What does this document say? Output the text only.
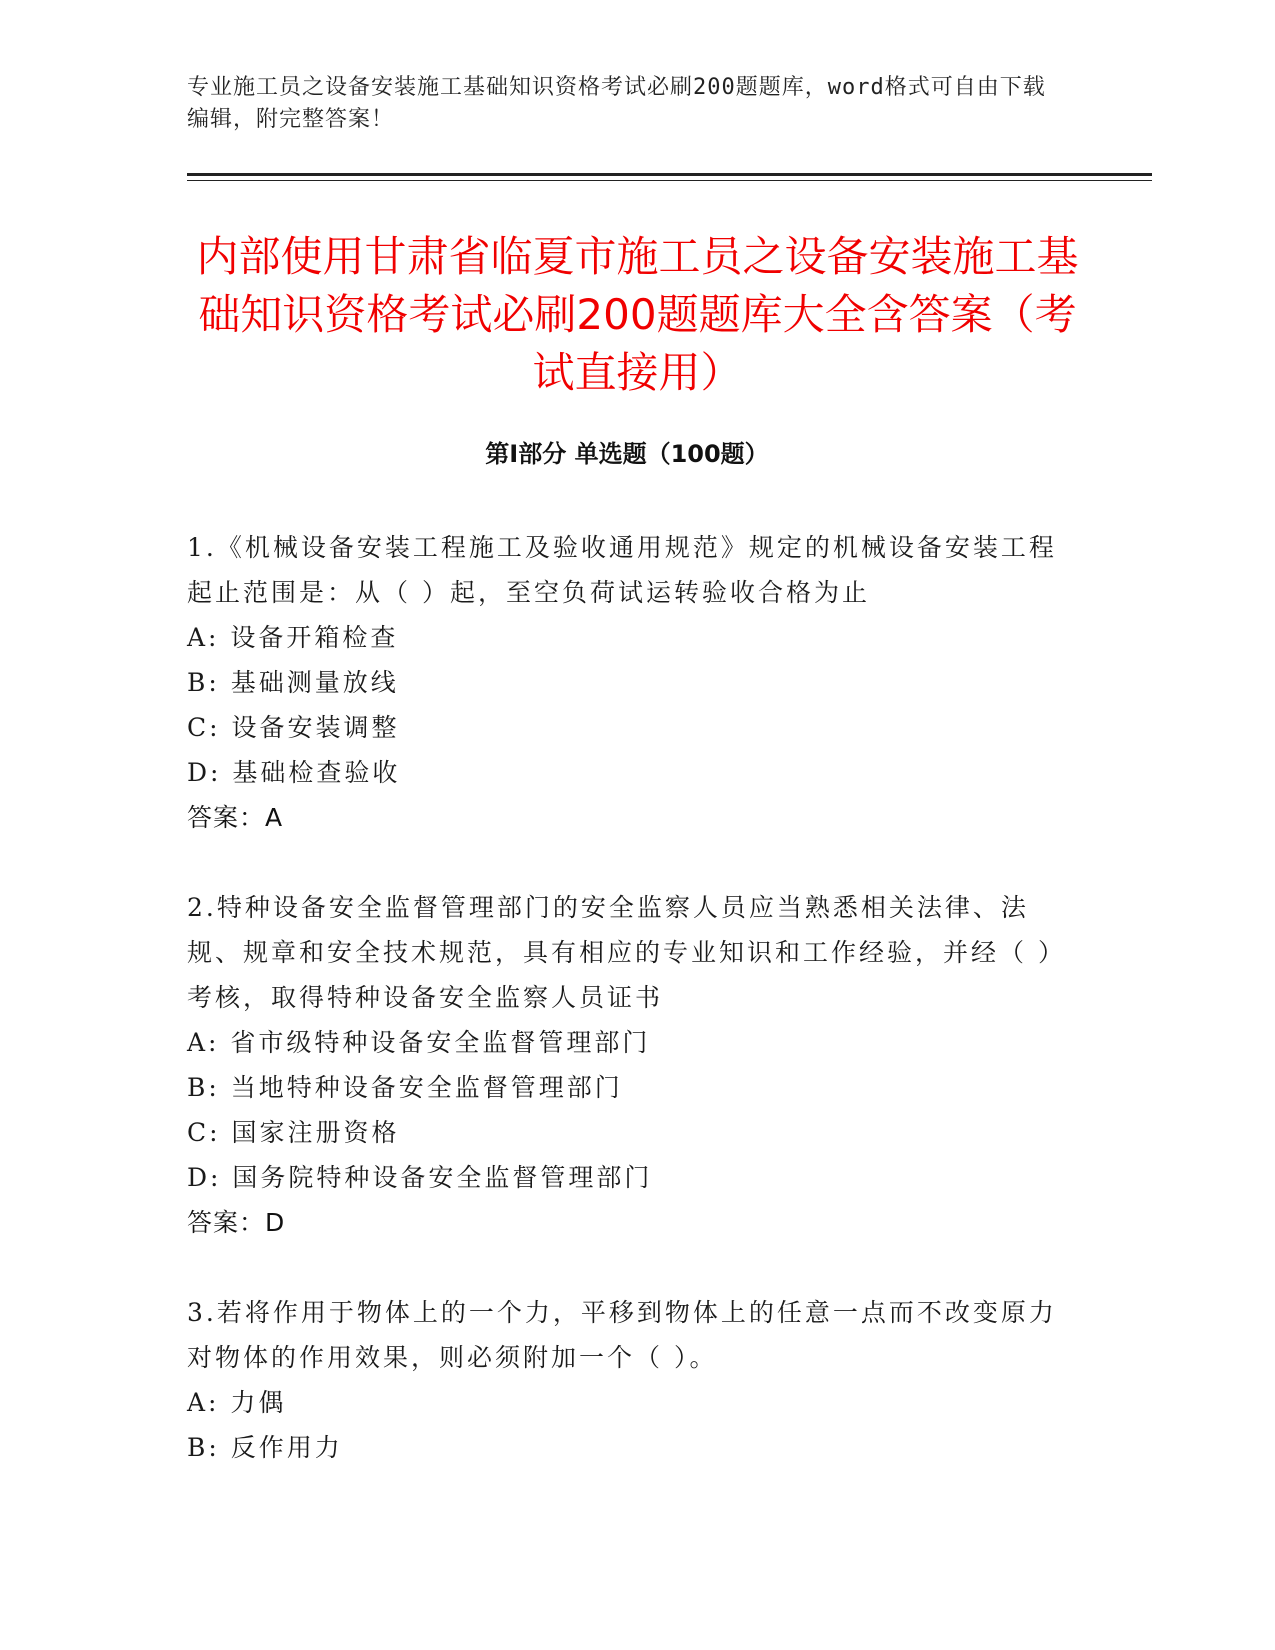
专业施工员之设备安装施工基础知识资格考试必刷200题题库，word格式可自由下载编辑，附完整答案！
内部使用甘肃省临夏市施工员之设备安装施工基础知识资格考试必刷200题题库大全含答案（考试直接用）
第I部分 单选题（100题）
1.《机械设备安装工程施工及验收通用规范》规定的机械设备安装工程起止范围是：从（ ）起，至空负荷试运转验收合格为止
A: 设备开箱检查
B: 基础测量放线
C: 设备安装调整
D: 基础检查验收
答案：A
2.特种设备安全监督管理部门的安全监察人员应当熟悉相关法律、法规、规章和安全技术规范，具有相应的专业知识和工作经验，并经（ ）考核，取得特种设备安全监察人员证书
A: 省市级特种设备安全监督管理部门
B: 当地特种设备安全监督管理部门
C: 国家注册资格
D: 国务院特种设备安全监督管理部门
答案：D
3.若将作用于物体上的一个力，平移到物体上的任意一点而不改变原力对物体的作用效果，则必须附加一个（ ）。
A: 力偶
B: 反作用力
